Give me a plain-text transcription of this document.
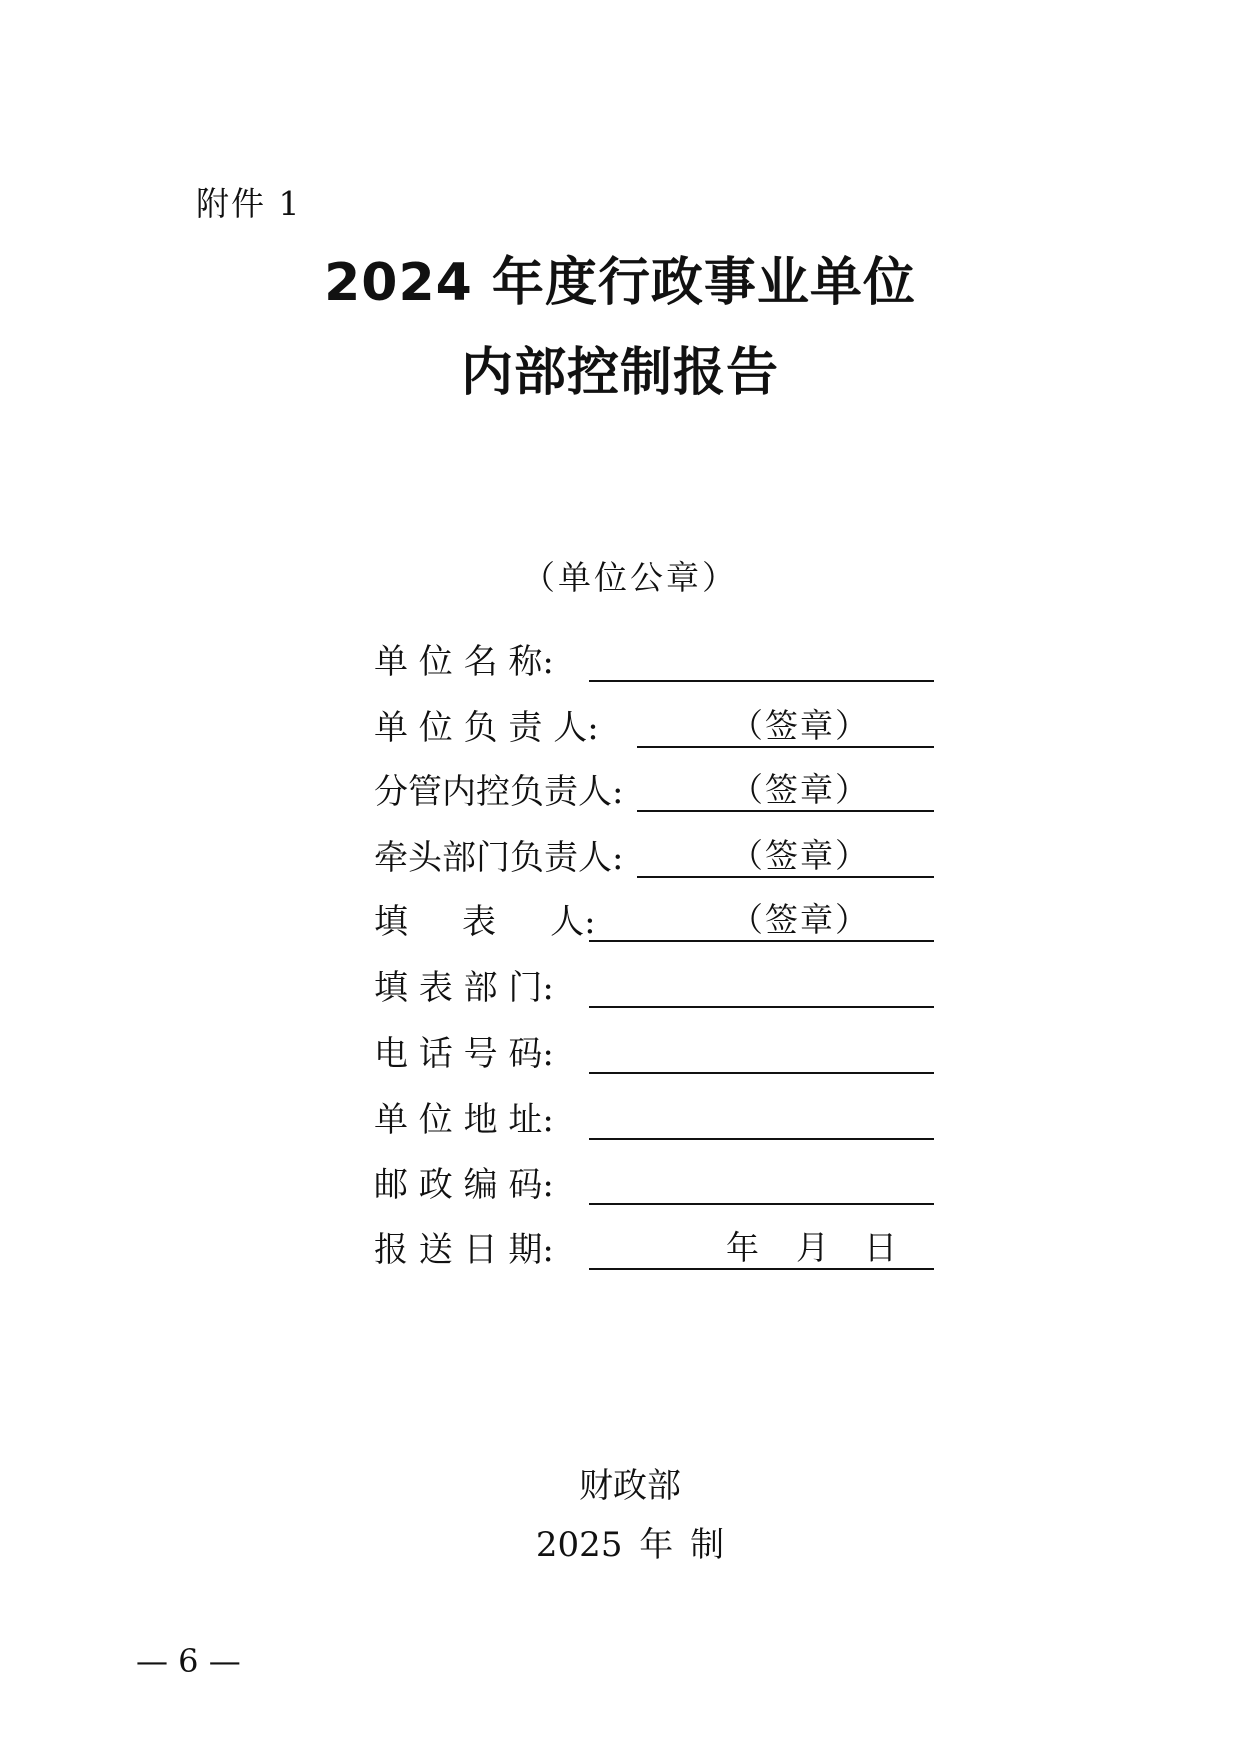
附件 1
2024 年度行政事业单位
内部控制报告
（单位公章）
单 位 名 称:
单 位 负 责 人:	（签章）
分管内控负责人:	（签章）
牵头部门负责人:	（签章）
填     表     人:	（签章）
填 表 部 门:
电 话 号 码:
单 位 地 址:
邮 政 编 码:
报 送 日 期:	年 月 日
财政部
2025 年 制
— 6 —
